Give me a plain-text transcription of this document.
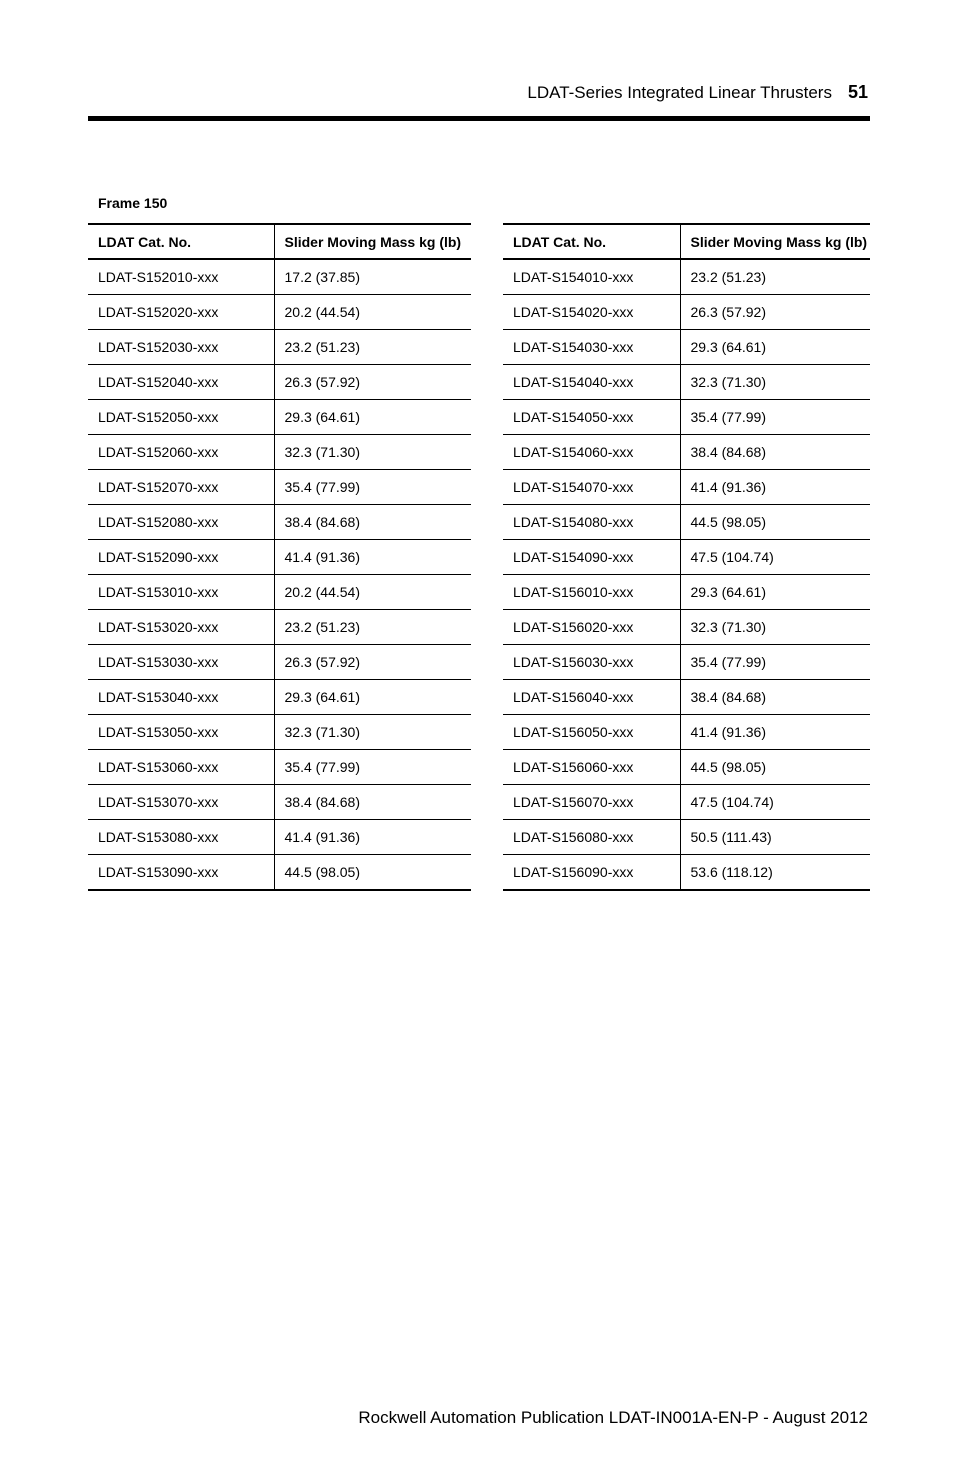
LDAT-Series Integrated Linear Thrusters 51
Frame 150
LDAT Cat. No.	Slider Moving Mass kg (lb)
LDAT-S152010-xxx	17.2 (37.85)
LDAT-S152020-xxx	20.2 (44.54)
LDAT-S152030-xxx	23.2 (51.23)
LDAT-S152040-xxx	26.3 (57.92)
LDAT-S152050-xxx	29.3 (64.61)
LDAT-S152060-xxx	32.3 (71.30)
LDAT-S152070-xxx	35.4 (77.99)
LDAT-S152080-xxx	38.4 (84.68)
LDAT-S152090-xxx	41.4 (91.36)
LDAT-S153010-xxx	20.2 (44.54)
LDAT-S153020-xxx	23.2 (51.23)
LDAT-S153030-xxx	26.3 (57.92)
LDAT-S153040-xxx	29.3 (64.61)
LDAT-S153050-xxx	32.3 (71.30)
LDAT-S153060-xxx	35.4 (77.99)
LDAT-S153070-xxx	38.4 (84.68)
LDAT-S153080-xxx	41.4 (91.36)
LDAT-S153090-xxx	44.5 (98.05)
LDAT Cat. No.	Slider Moving Mass kg (lb)
LDAT-S154010-xxx	23.2 (51.23)
LDAT-S154020-xxx	26.3 (57.92)
LDAT-S154030-xxx	29.3 (64.61)
LDAT-S154040-xxx	32.3 (71.30)
LDAT-S154050-xxx	35.4 (77.99)
LDAT-S154060-xxx	38.4 (84.68)
LDAT-S154070-xxx	41.4 (91.36)
LDAT-S154080-xxx	44.5 (98.05)
LDAT-S154090-xxx	47.5 (104.74)
LDAT-S156010-xxx	29.3 (64.61)
LDAT-S156020-xxx	32.3 (71.30)
LDAT-S156030-xxx	35.4 (77.99)
LDAT-S156040-xxx	38.4 (84.68)
LDAT-S156050-xxx	41.4 (91.36)
LDAT-S156060-xxx	44.5 (98.05)
LDAT-S156070-xxx	47.5 (104.74)
LDAT-S156080-xxx	50.5 (111.43)
LDAT-S156090-xxx	53.6 (118.12)
Rockwell Automation Publication LDAT-IN001A-EN-P - August 2012
